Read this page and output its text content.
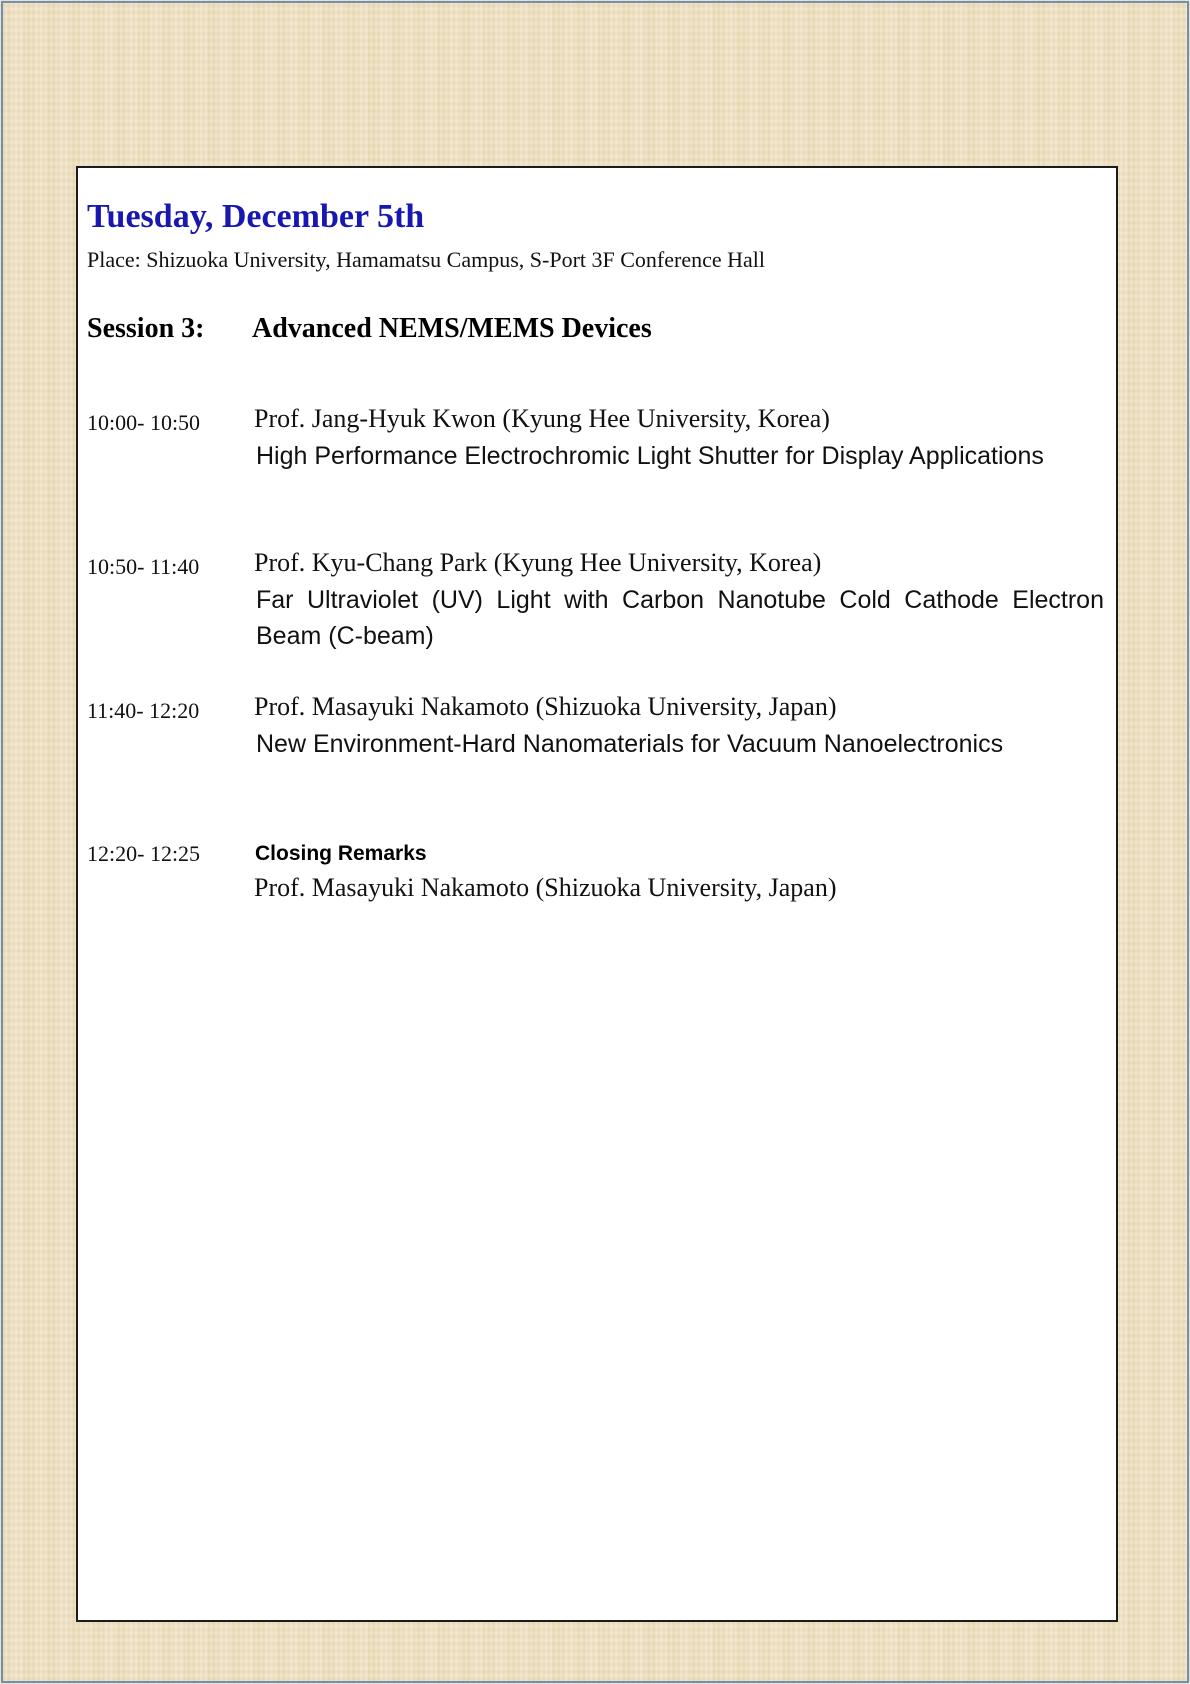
Tuesday, December 5th
Place: Shizuoka University, Hamamatsu Campus, S-Port 3F Conference Hall
Session 3: Advanced NEMS/MEMS Devices
10:00- 10:50 Prof. Jang-Hyuk Kwon (Kyung Hee University, Korea)
High Performance Electrochromic Light Shutter for Display Applications
10:50- 11:40 Prof. Kyu-Chang Park (Kyung Hee University, Korea)
Far Ultraviolet (UV) Light with Carbon Nanotube Cold Cathode Electron Beam (C-beam)
11:40- 12:20 Prof. Masayuki Nakamoto (Shizuoka University, Japan)
New Environment-Hard Nanomaterials for Vacuum Nanoelectronics
12:20- 12:25	Closing Remarks
Prof. Masayuki Nakamoto (Shizuoka University, Japan)
